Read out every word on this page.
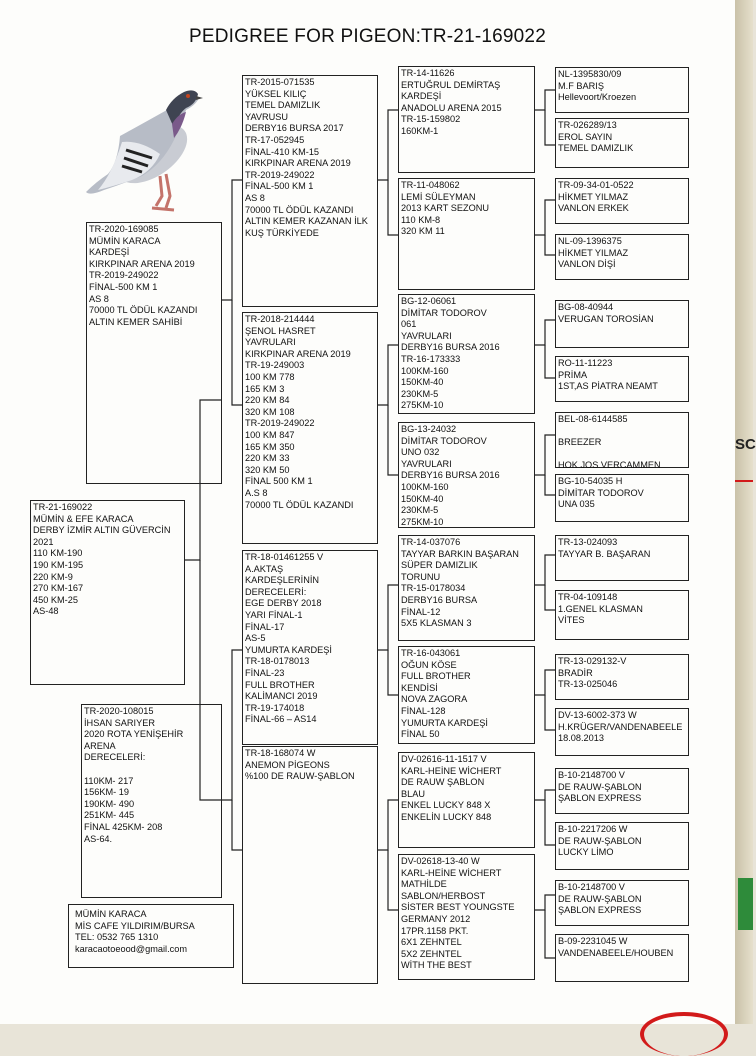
SC
PEDIGREE FOR PIGEON:TR-21-169022
TR-21-169022
MÜMİN & EFE KARACA
DERBY İZMİR ALTIN GÜVERCİN
2021
110 KM-190
190 KM-195
220 KM-9
270 KM-167
450 KM-25
AS-48
TR-2020-169085
MÜMİN KARACA
KARDEŞİ
KIRKPINAR ARENA 2019
TR-2019-249022
FİNAL-500 KM 1
AS 8
70000 TL ÖDÜL KAZANDI
ALTIN KEMER SAHİBİ
TR-2020-108015
İHSAN SARIYER
2020 ROTA YENİŞEHİR
ARENA
DERECELERİ:

110KM- 217
156KM- 19
190KM- 490
251KM- 445
FİNAL 425KM- 208
AS-64.
TR-2015-071535
YÜKSEL KILIÇ
TEMEL DAMIZLIK
YAVRUSU
DERBY16 BURSA 2017
TR-17-052945
FİNAL-410 KM-15
KIRKPINAR ARENA 2019
TR-2019-249022
FİNAL-500 KM 1
AS 8
70000 TL ÖDÜL KAZANDI
ALTIN KEMER KAZANAN İLK
KUŞ TÜRKİYEDE
TR-2018-214444
ŞENOL HASRET
YAVRULARI
KIRKPINAR ARENA 2019
TR-19-249003
100 KM 778
165 KM 3
220 KM 84
320 KM 108
TR-2019-249022
100 KM 847
165 KM 350
220 KM 33
320 KM 50
FİNAL 500 KM 1
A.S 8
70000 TL ÖDÜL KAZANDI
TR-18-01461255 V
A.AKTAŞ
KARDEŞLERİNİN
DERECELERİ:
EGE DERBY 2018
YARI FİNAL-1
FİNAL-17
AS-5
YUMURTA KARDEŞİ
TR-18-0178013
FİNAL-23
FULL BROTHER
KALİMANCI 2019
TR-19-174018
FİNAL-66 – AS14
TR-18-168074 W
ANEMON PİGEONS
%100 DE RAUW-ŞABLON
TR-14-11626
ERTUĞRUL DEMİRTAŞ
KARDEŞİ
ANADOLU ARENA 2015
TR-15-159802
160KM-1
TR-11-048062
LEMİ SÜLEYMAN
2013 KART SEZONU
110 KM-8
320 KM 11
BG-12-06061
DİMİTAR TODOROV
061
YAVRULARI
DERBY16 BURSA 2016
TR-16-173333
100KM-160
150KM-40
230KM-5
275KM-10
BG-13-24032
DİMİTAR TODOROV
UNO 032
YAVRULARI
DERBY16 BURSA 2016
100KM-160
150KM-40
230KM-5
275KM-10
TR-14-037076
TAYYAR BARKIN BAŞARAN
SÜPER DAMIZLIK
TORUNU
TR-15-0178034
DERBY16 BURSA
FİNAL-12
5X5 KLASMAN 3
TR-16-043061
OĞUN KÖSE
FULL BROTHER
KENDİSİ
NOVA ZAGORA
FİNAL-128
YUMURTA KARDEŞİ
FİNAL 50
DV-02616-11-1517 V
KARL-HEİNE WİCHERT
DE RAUW ŞABLON
BLAU
ENKEL LUCKY 848 X
ENKELİN LUCKY 848
DV-02618-13-40 W
KARL-HEİNE WİCHERT
MATHİLDE
SABLON/HERBOST
SİSTER BEST YOUNGSTE
GERMANY 2012
17PR.1158 PKT.
6X1 ZEHNTEL
5X2 ZEHNTEL
WİTH THE BEST
NL-1395830/09
M.F BARIŞ
Hellevoort/Kroezen
TR-026289/13
EROL SAYIN
TEMEL DAMIZLIK
TR-09-34-01-0522
HİKMET YILMAZ
VANLON ERKEK
NL-09-1396375
HİKMET YILMAZ
VANLON DİŞİ
BG-08-40944
VERUGAN TOROSİAN
RO-11-11223
PRİMA
1ST,AS PİATRA NEAMT
BEL-08-6144585

BREEZER

HOK JOS VERCAMMEN
BG-10-54035 H
DİMİTAR TODOROV
UNA 035
TR-13-024093
TAYYAR B. BAŞARAN
TR-04-109148
1.GENEL KLASMAN
VİTES
TR-13-029132-V
BRADİR
TR-13-025046
DV-13-6002-373 W
H.KRÜGER/VANDENABEELE
18.08.2013
B-10-2148700 V
DE RAUW-ŞABLON
ŞABLON EXPRESS
B-10-2217206 W
DE RAUW-ŞABLON
LUCKY LİMO
B-10-2148700 V
DE RAUW-ŞABLON
ŞABLON EXPRESS
B-09-2231045 W
VANDENABEELE/HOUBEN
MÜMİN KARACA
MİS CAFE YILDIRIM/BURSA
TEL: 0532 765 1310
karacaotoeood@gmail.com
